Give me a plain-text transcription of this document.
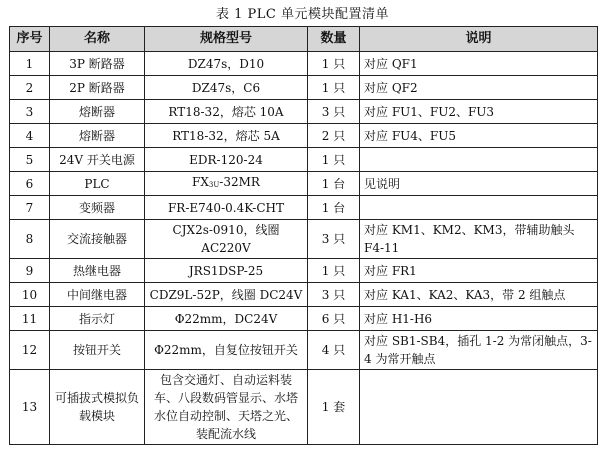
表 1 PLC 单元模块配置清单
序号	名称	规格型号	数量	说明
1	3P 断路器	DZ47s，D10	1 只	对应 QF1
2	2P 断路器	DZ47s，C6	1 只	对应 QF2
3	熔断器	RT18-32，熔芯 10A	3 只	对应 FU1、FU2、FU3
4	熔断器	RT18-32，熔芯 5A	2 只	对应 FU4、FU5
5	24V 开关电源	EDR-120-24	1 只	
6	PLC	$FX_{3U}-32MR$	1 台	见说明
7	变频器	FR-E740-0.4K-CHT	1 台	
8	交流接触器	CJX2s-0910，线圈 AC220V	3 只	对应 KM1、KM2、KM3，带辅助触头 F4-11
9	热继电器	JRS1DSP-25	1 只	对应 FR1
10	中间继电器	CDZ9L-52P，线圈 DC24V	3 只	对应 KA1、KA2、KA3，带 2 组触点
11	指示灯	Φ22mm，DC24V	6 只	对应 H1-H6
12	按钮开关	Φ22mm，自复位按钮开关	4 只	对应 SB1-SB4，插孔 1-2 为常闭触点，3-4 为常开触点
13	可插拔式模拟负载模块	包含交通灯、自动运料装车、八段数码管显示、水塔水位自动控制、天塔之光、装配流水线	1 套	
